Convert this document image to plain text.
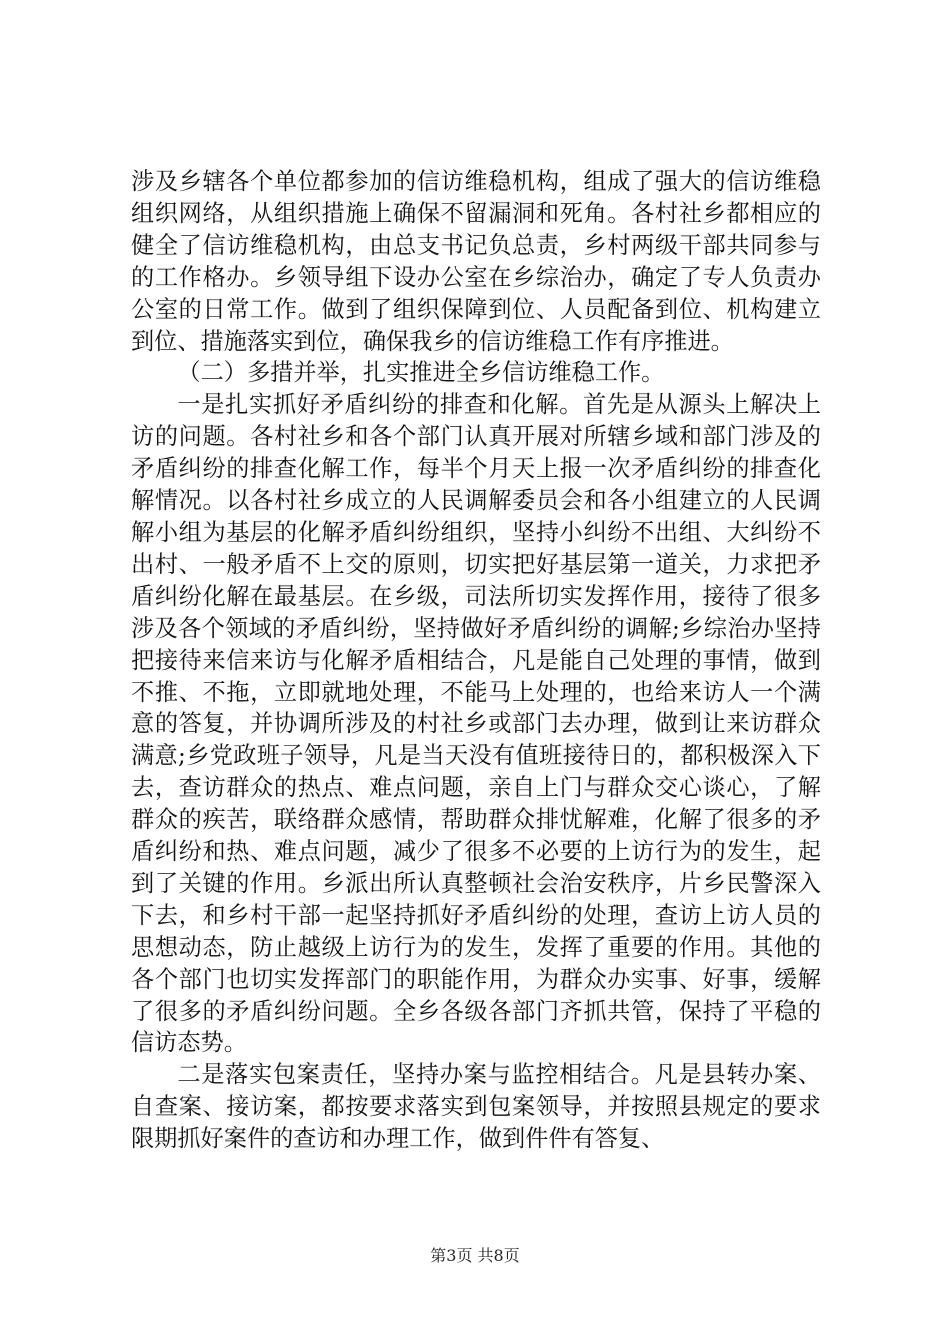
涉及乡辖各个单位都参加的信访维稳机构，组成了强大的信访维稳组织网络，从组织措施上确保不留漏洞和死角。各村社乡都相应的健全了信访维稳机构，由总支书记负总责，乡村两级干部共同参与的工作格办。乡领导组下设办公室在乡综治办，确定了专人负责办公室的日常工作。做到了组织保障到位、人员配备到位、机构建立到位、措施落实到位，确保我乡的信访维稳工作有序推进。

（二）多措并举，扎实推进全乡信访维稳工作。

一是扎实抓好矛盾纠纷的排查和化解。首先是从源头上解决上访的问题。各村社乡和各个部门认真开展对所辖乡域和部门涉及的矛盾纠纷的排查化解工作，每半个月天上报一次矛盾纠纷的排查化解情况。以各村社乡成立的人民调解委员会和各小组建立的人民调解小组为基层的化解矛盾纠纷组织，坚持小纠纷不出组、大纠纷不出村、一般矛盾不上交的原则，切实把好基层第一道关，力求把矛盾纠纷化解在最基层。在乡级，司法所切实发挥作用，接待了很多涉及各个领域的矛盾纠纷，坚持做好矛盾纠纷的调解;乡综治办坚持把接待来信来访与化解矛盾相结合，凡是能自己处理的事情，做到不推、不拖，立即就地处理，不能马上处理的，也给来访人一个满意的答复，并协调所涉及的村社乡或部门去办理，做到让来访群众满意;乡党政班子领导，凡是当天没有值班接待日的，都积极深入下去，查访群众的热点、难点问题，亲自上门与群众交心谈心，了解群众的疾苦，联络群众感情，帮助群众排忧解难，化解了很多的矛盾纠纷和热、难点问题，减少了很多不必要的上访行为的发生，起到了关键的作用。乡派出所认真整顿社会治安秩序，片乡民警深入下去，和乡村干部一起坚持抓好矛盾纠纷的处理，查访上访人员的思想动态，防止越级上访行为的发生，发挥了重要的作用。其他的各个部门也切实发挥部门的职能作用，为群众办实事、好事，缓解了很多的矛盾纠纷问题。全乡各级各部门齐抓共管，保持了平稳的信访态势。

二是落实包案责任，坚持办案与监控相结合。凡是县转办案、自查案、接访案，都按要求落实到包案领导，并按照县规定的要求限期抓好案件的查访和办理工作，做到件件有答复、

第3页 共8页
